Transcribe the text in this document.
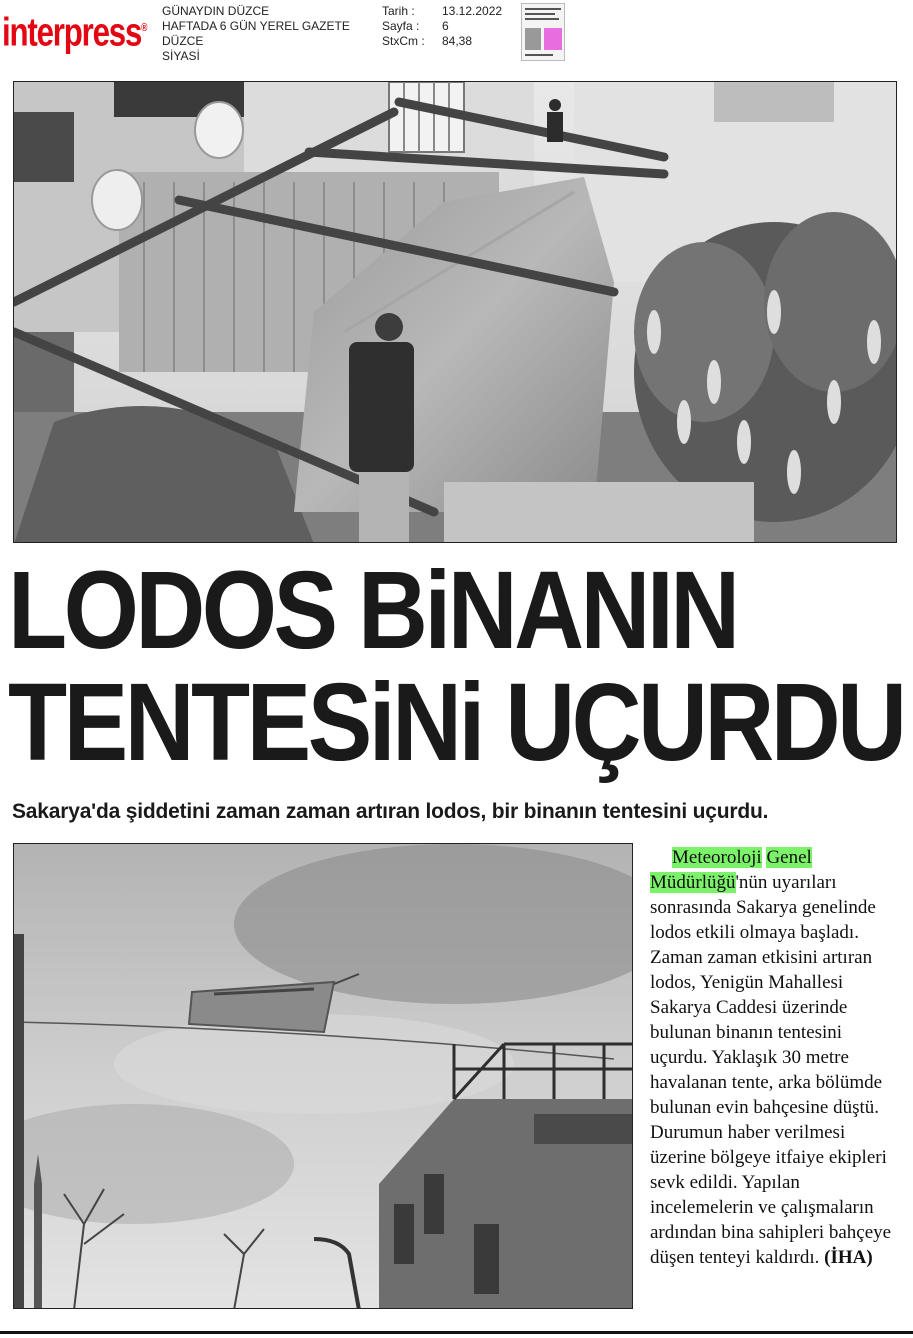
interpress®
GÜNAYDIN DÜZCE
HAFTADA 6 GÜN YEREL GAZETE
DÜZCE
SİYASİ
Tarih :	13.12.2022
Sayfa :	6
StxCm :	84,38
LODOS BiNANIN
TENTESiNi UÇURDU
Sakarya'da şiddetini zaman zaman artıran lodos, bir binanın tentesini uçurdu.
Meteoroloji Genel Müdürlüğü'nün uyarıları sonrasında Sakarya genelinde lodos etkili olmaya başladı. Zaman zaman etkisini artıran lodos, Yenigün Mahallesi Sakarya Caddesi üzerinde bulunan binanın tentesini uçurdu. Yaklaşık 30 metre havalanan tente, arka bölümde bulunan evin bahçesine düştü. Durumun haber verilmesi üzerine bölgeye itfaiye ekipleri sevk edildi. Yapılan incelemelerin ve çalışmaların ardından bina sahipleri bahçeye düşen tenteyi kaldırdı. (İHA)
